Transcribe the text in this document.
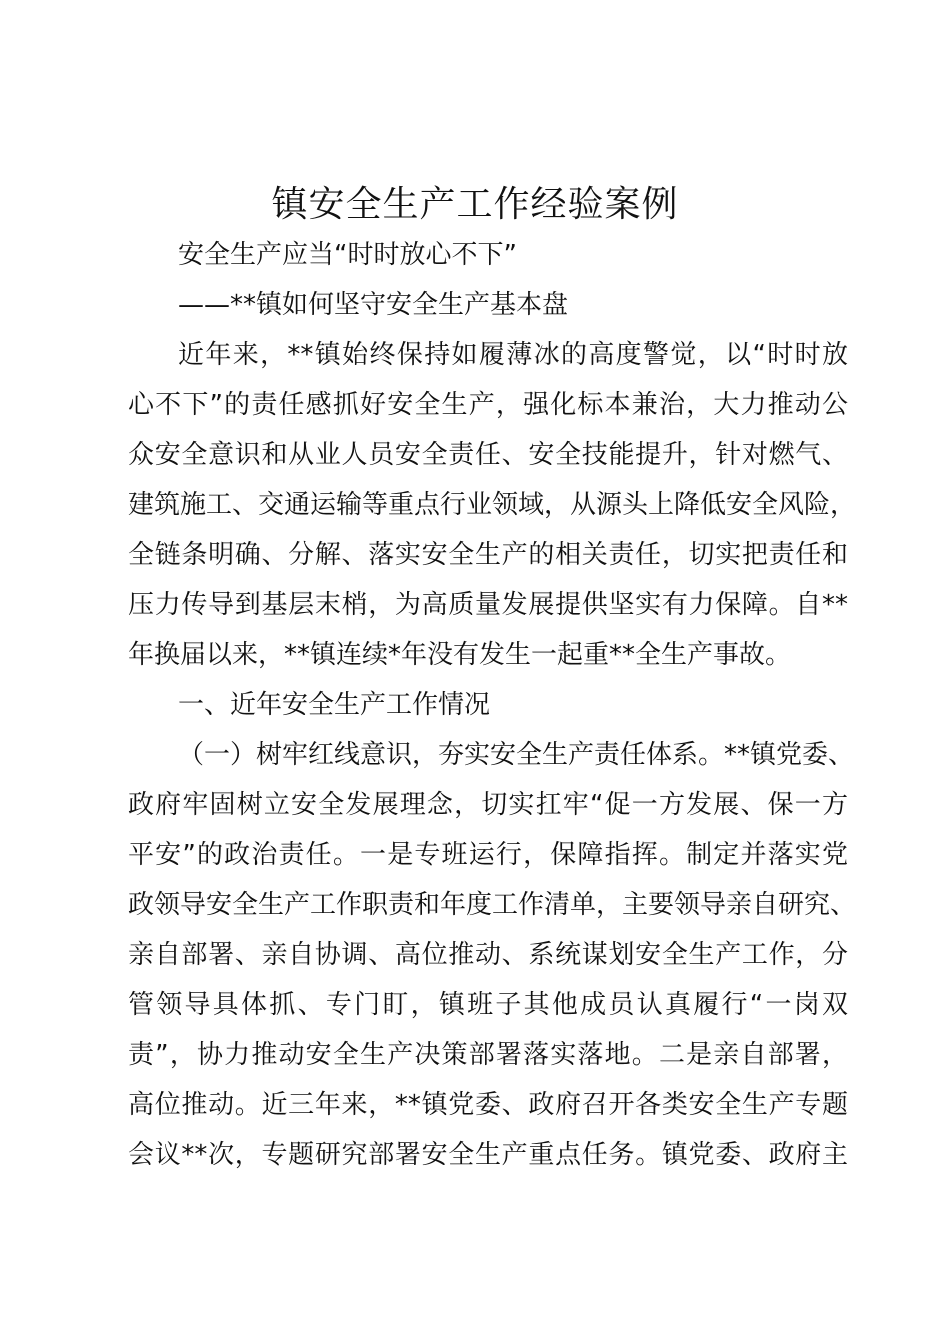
镇安全生产工作经验案例

安全生产应当“时时放心不下”

——**镇如何坚守安全生产基本盘

近年来，**镇始终保持如履薄冰的高度警觉，以“时时放

心不下”的责任感抓好安全生产，强化标本兼治，大力推动公

众安全意识和从业人员安全责任、安全技能提升，针对燃气、

建筑施工、交通运输等重点行业领域，从源头上降低安全风险，

全链条明确、分解、落实安全生产的相关责任，切实把责任和

压力传导到基层末梢，为高质量发展提供坚实有力保障。自**

年换届以来，**镇连续*年没有发生一起重**全生产事故。

一、近年安全生产工作情况

（一）树牢红线意识，夯实安全生产责任体系。**镇党委、

政府牢固树立安全发展理念，切实扛牢“促一方发展、保一方

平安”的政治责任。一是专班运行，保障指挥。制定并落实党

政领导安全生产工作职责和年度工作清单，主要领导亲自研究、

亲自部署、亲自协调、高位推动、系统谋划安全生产工作，分

管领导具体抓、专门盯，镇班子其他成员认真履行“一岗双

责”，协力推动安全生产决策部署落实落地。二是亲自部署，

高位推动。近三年来，**镇党委、政府召开各类安全生产专题

会议**次，专题研究部署安全生产重点任务。镇党委、政府主
